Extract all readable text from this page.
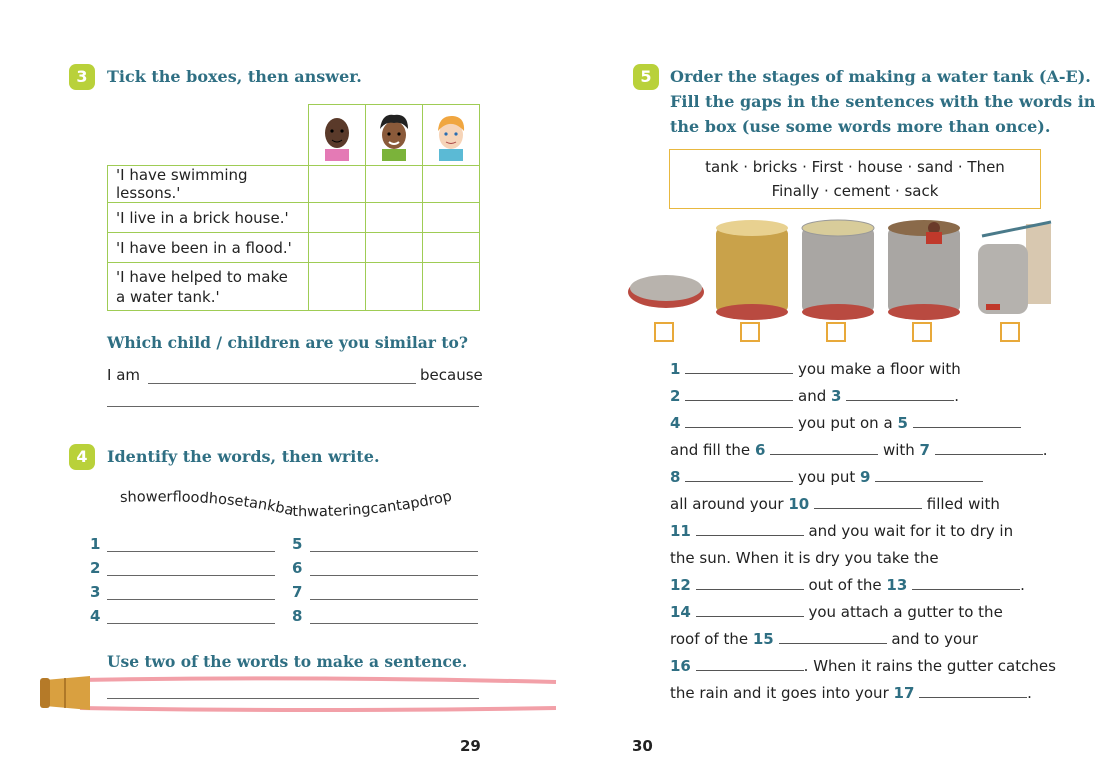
3	Tick the boxes, then answer.

'I have swimming lessons.'			
'I live in a brick house.'			
'I have been in a flood.'			
'I have helped to make
a water tank.'			
Which child / children are you similar to?
I am	because
4	Identify the words, then write.
showerfloodhosetankbathwateringcantapdrop
1
2
3
4
5
6
7
8
Use two of the words to make a sentence.
29
5	Order the stages of making a water tank (A-E).
Fill the gaps in the sentences with the words in
the box (use some words more than once).
tank · bricks · First · house · sand · Then
Finally · cement · sack
1	you make a floor with
2	and 3	.
4	you put on a 5
and fill the 6	with 7	.
8	you put 9
all around your 10	filled with
11	and you wait for it to dry in
the sun. When it is dry you take the
12	out of the 13	.
14	you attach a gutter to the
roof of the 15	and to your
16	. When it rains the gutter catches
the rain and it goes into your 17	.
30
